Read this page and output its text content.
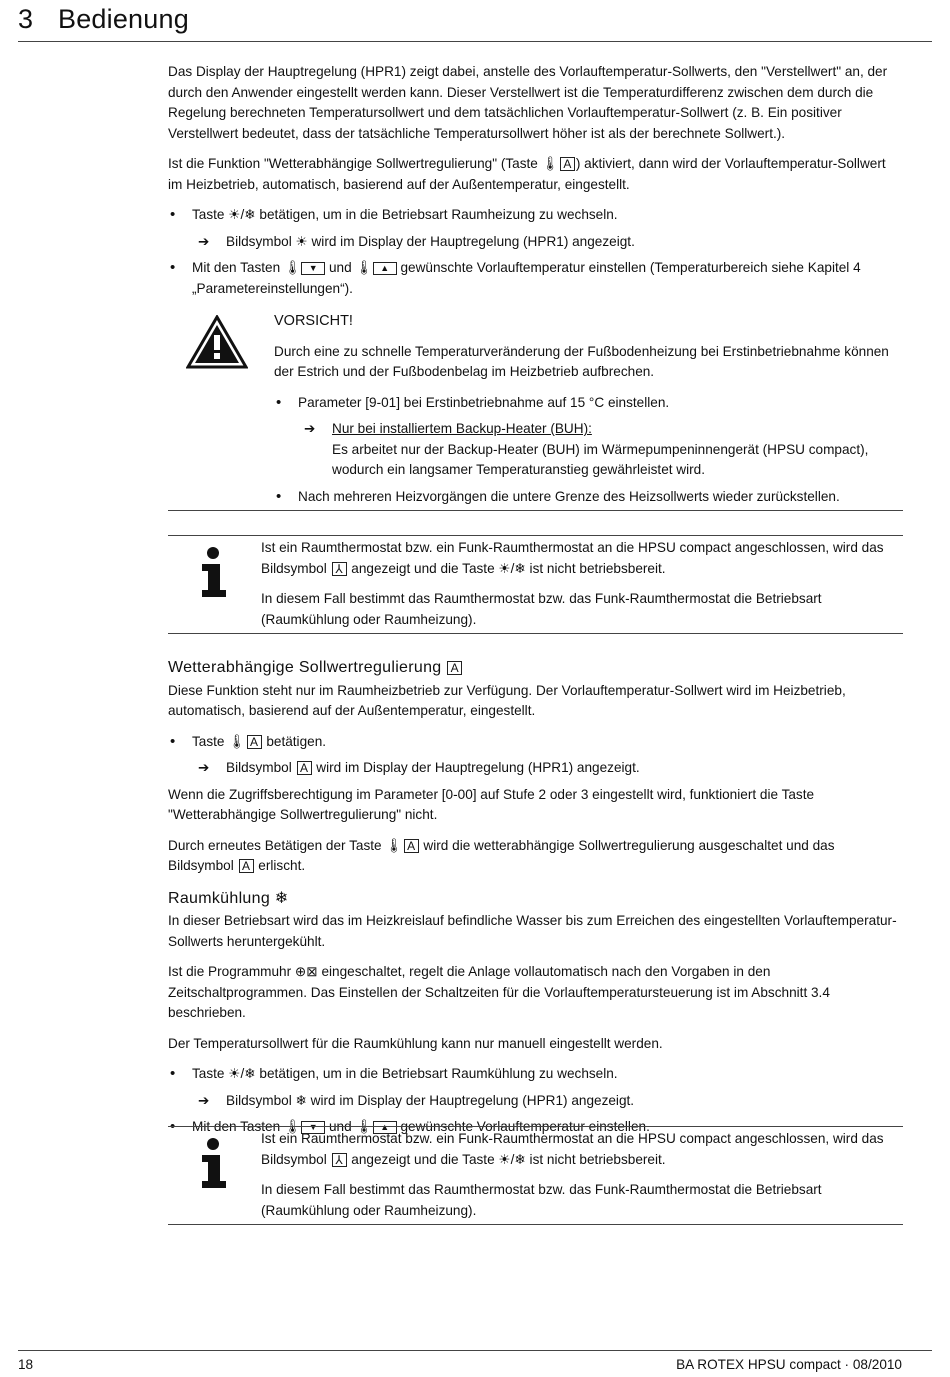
3 Bedienung

Das Display der Hauptregelung (HPR1) zeigt dabei, anstelle des Vorlauftemperatur-Sollwerts, den "Verstellwert" an, der durch den Anwender eingestellt werden kann. Dieser Verstellwert ist die Temperaturdifferenz zwischen dem durch die Regelung berechneten Temperatursollwert und dem tatsächlichen Vorlauftemperatur-Sollwert (z. B. Ein positiver Verstellwert bedeutet, dass der tatsächliche Temperatursollwert höher ist als der berechnete Sollwert.).

Ist die Funktion "Wetterabhängige Sollwertregulierung" (Taste 🌡 A ) aktiviert, dann wird der Vorlauftemperatur-Sollwert im Heizbetrieb, automatisch, basierend auf der Außentemperatur, eingestellt.

• Taste ☀/❄ betätigen, um in die Betriebsart Raumheizung zu wechseln.
➔ Bildsymbol ☀ wird im Display der Hauptregelung (HPR1) angezeigt.
• Mit den Tasten 🌡 ▼ und 🌡 ▲ gewünschte Vorlauftemperatur einstellen (Temperaturbereich siehe Kapitel 4 „Parametereinstellungen“).

VORSICHT!

Durch eine zu schnelle Temperaturveränderung der Fußbodenheizung bei Erstinbetriebnahme können der Estrich und der Fußbodenbelag im Heizbetrieb aufbrechen.

• Parameter [9-01] bei Erstinbetriebnahme auf 15 °C einstellen.
➔ Nur bei installiertem Backup-Heater (BUH):
Es arbeitet nur der Backup-Heater (BUH) im Wärmepumpeninnengerät (HPSU compact), wodurch ein langsamer Temperaturanstieg gewährleistet wird.
• Nach mehreren Heizvorgängen die untere Grenze des Heizsollwerts wieder zurückstellen.

Ist ein Raumthermostat bzw. ein Funk-Raumthermostat an die HPSU compact angeschlossen, wird das Bildsymbol ⅄ angezeigt und die Taste ☀/❄ ist nicht betriebsbereit.

In diesem Fall bestimmt das Raumthermostat bzw. das Funk-Raumthermostat die Betriebsart (Raumkühlung oder Raumheizung).

Wetterabhängige Sollwertregulierung A

Diese Funktion steht nur im Raumheizbetrieb zur Verfügung. Der Vorlauftemperatur-Sollwert wird im Heizbetrieb, automatisch, basierend auf der Außentemperatur, eingestellt.

• Taste 🌡 A betätigen.
➔ Bildsymbol A wird im Display der Hauptregelung (HPR1) angezeigt.

Wenn die Zugriffsberechtigung im Parameter [0-00] auf Stufe 2 oder 3 eingestellt wird, funktioniert die Taste "Wetterabhängige Sollwertregulierung" nicht.

Durch erneutes Betätigen der Taste 🌡 A wird die wetterabhängige Sollwertregulierung ausgeschaltet und das Bildsymbol A erlischt.

Raumkühlung ❄

In dieser Betriebsart wird das im Heizkreislauf befindliche Wasser bis zum Erreichen des eingestellten Vorlauftemperatur-Sollwerts heruntergekühlt.

Ist die Programmuhr ⊕⊠ eingeschaltet, regelt die Anlage vollautomatisch nach den Vorgaben in den Zeitschaltprogrammen. Das Einstellen der Schaltzeiten für die Vorlauftemperatursteuerung ist im Abschnitt 3.4 beschrieben.

Der Temperatursollwert für die Raumkühlung kann nur manuell eingestellt werden.

• Taste ☀/❄ betätigen, um in die Betriebsart Raumkühlung zu wechseln.
➔ Bildsymbol ❄ wird im Display der Hauptregelung (HPR1) angezeigt.
• Mit den Tasten 🌡 ▼ und 🌡 ▲ gewünschte Vorlauftemperatur einstellen.

Ist ein Raumthermostat bzw. ein Funk-Raumthermostat an die HPSU compact angeschlossen, wird das Bildsymbol ⅄ angezeigt und die Taste ☀/❄ ist nicht betriebsbereit.

In diesem Fall bestimmt das Raumthermostat bzw. das Funk-Raumthermostat die Betriebsart (Raumkühlung oder Raumheizung).

18	BA ROTEX HPSU compact · 08/2010
